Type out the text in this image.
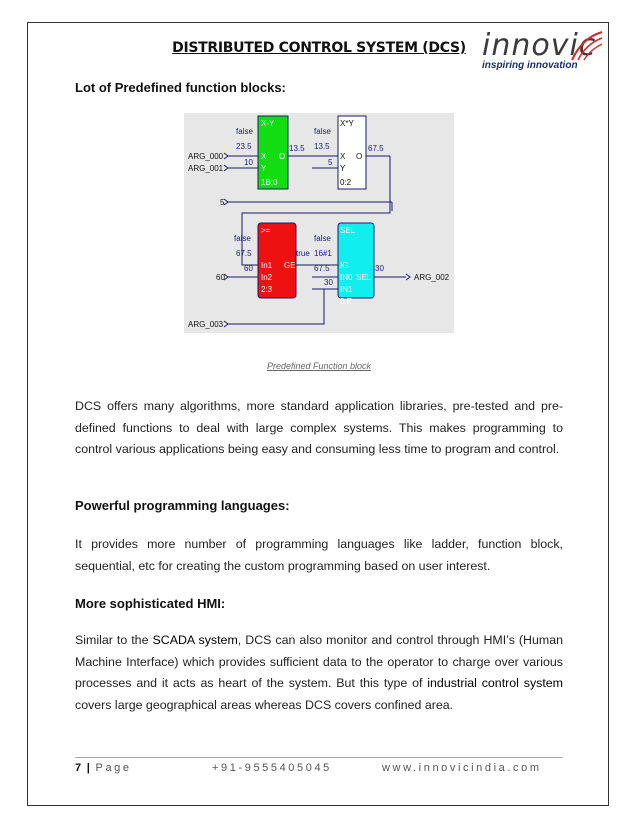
DISTRIBUTED CONTROL SYSTEM (DCS) innovic
inspiring innovation
Lot of Predefined function blocks:
X-Y
X
Y
O
1B:0
X*Y
X
Y
O
0:2
>=
In1
In2
GE
2:3
SEL
IG
IN0 SEL
IN1
3:E
false
23.5
10
13.5
false
13.5
5
67.5
false
67.5
60
true 16#1
false
67.5
30
30
ARG_000
ARG_001
5
60	ARG_002
ARG_003
Predefined Function block
DCS offers many algorithms, more standard application libraries, pre-tested and pre-defined functions to deal with large complex systems. This makes programming to control various applications being easy and consuming less time to program and control.
Powerful programming languages:
It provides more number of programming languages like ladder, function block, sequential, etc for creating the custom programming based on user interest.
More sophisticated HMI:
Similar to the SCADA system, DCS can also monitor and control through HMI’s (Human Machine Interface) which provides sufficient data to the operator to charge over various processes and it acts as heart of the system. But this type of industrial control system covers large geographical areas whereas DCS covers confined area.
7 | Page	+91-9555405045	www.innovicindia.com
